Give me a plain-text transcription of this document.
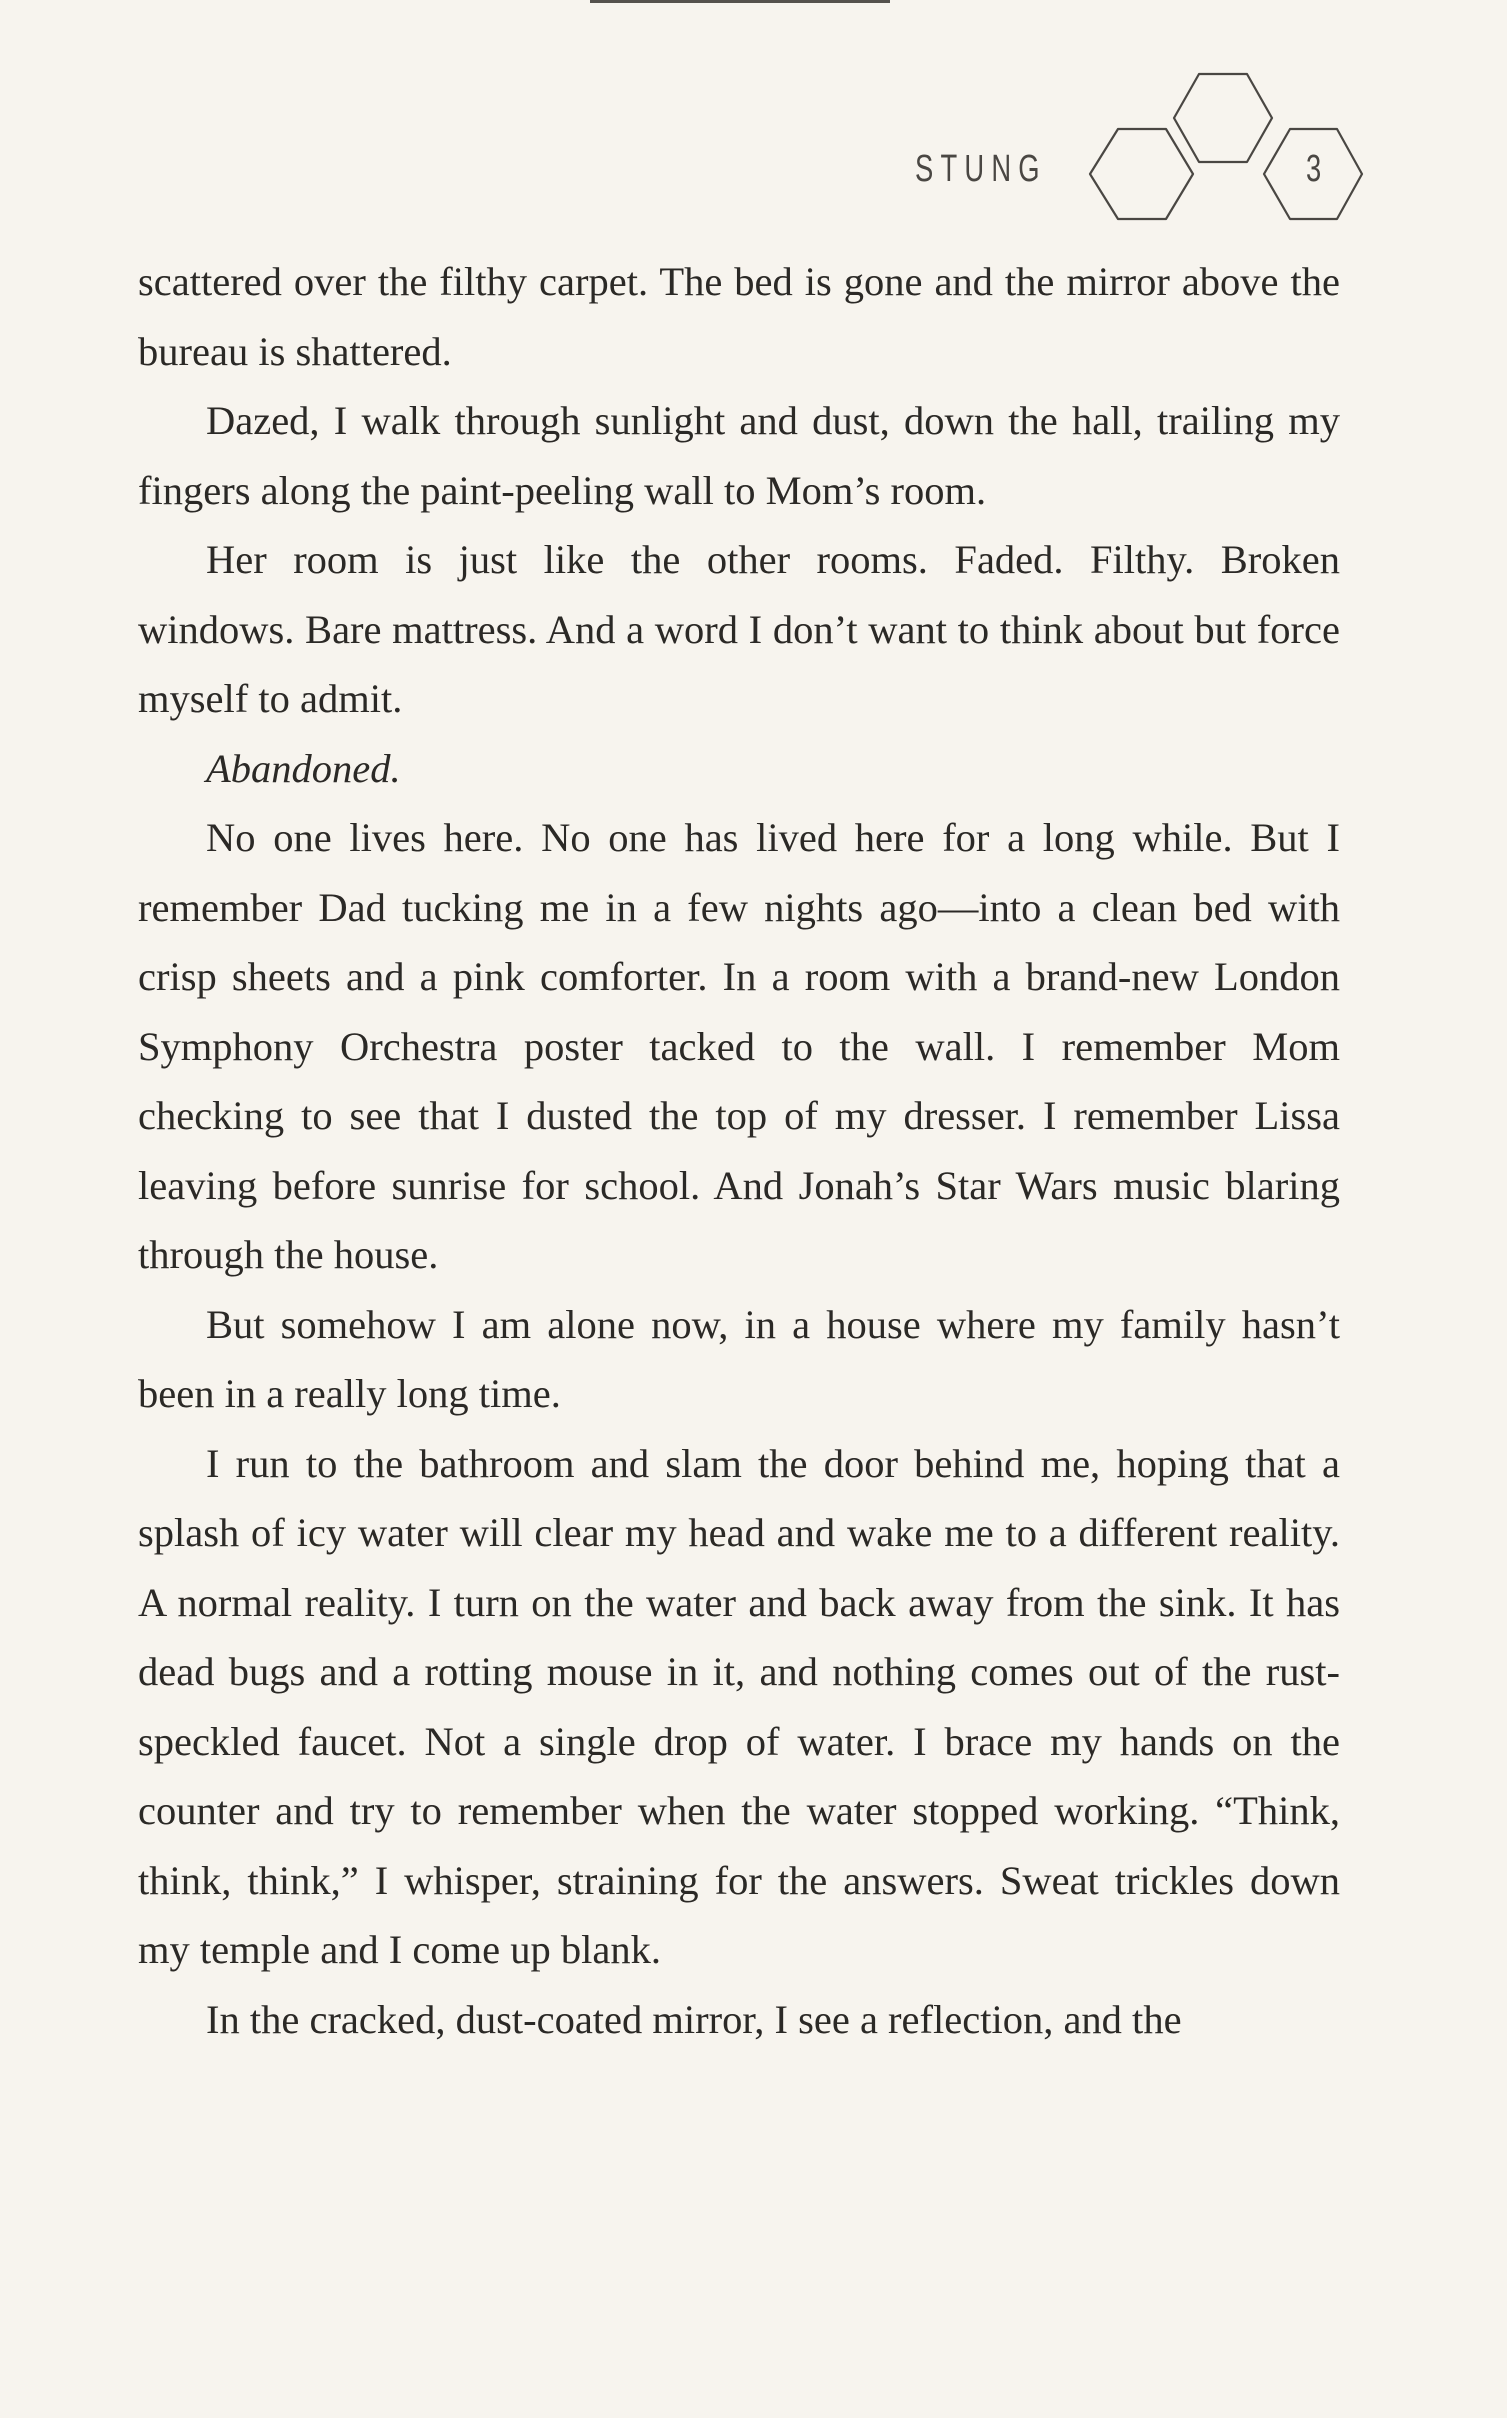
STUNG	3

scattered over the filthy carpet. The bed is gone and the mirror above the bureau is shattered.

Dazed, I walk through sunlight and dust, down the hall, trailing my fingers along the paint-peeling wall to Mom’s room.

Her room is just like the other rooms. Faded. Filthy. Broken windows. Bare mattress. And a word I don’t want to think about but force myself to admit.

Abandoned.

No one lives here. No one has lived here for a long while. But I remember Dad tucking me in a few nights ago—into a clean bed with crisp sheets and a pink comforter. In a room with a brand-new London Symphony Orchestra poster tacked to the wall. I remember Mom checking to see that I dusted the top of my dresser. I remember Lissa leaving before sunrise for school. And Jonah’s Star Wars music blaring through the house.

But somehow I am alone now, in a house where my family hasn’t been in a really long time.

I run to the bathroom and slam the door behind me, hoping that a splash of icy water will clear my head and wake me to a different reality. A normal reality. I turn on the water and back away from the sink. It has dead bugs and a rotting mouse in it, and nothing comes out of the rust-speckled faucet. Not a single drop of water. I brace my hands on the counter and try to remember when the water stopped working. “Think, think, think,” I whisper, straining for the answers. Sweat trickles down my temple and I come up blank.

In the cracked, dust-coated mirror, I see a reflection, and the
